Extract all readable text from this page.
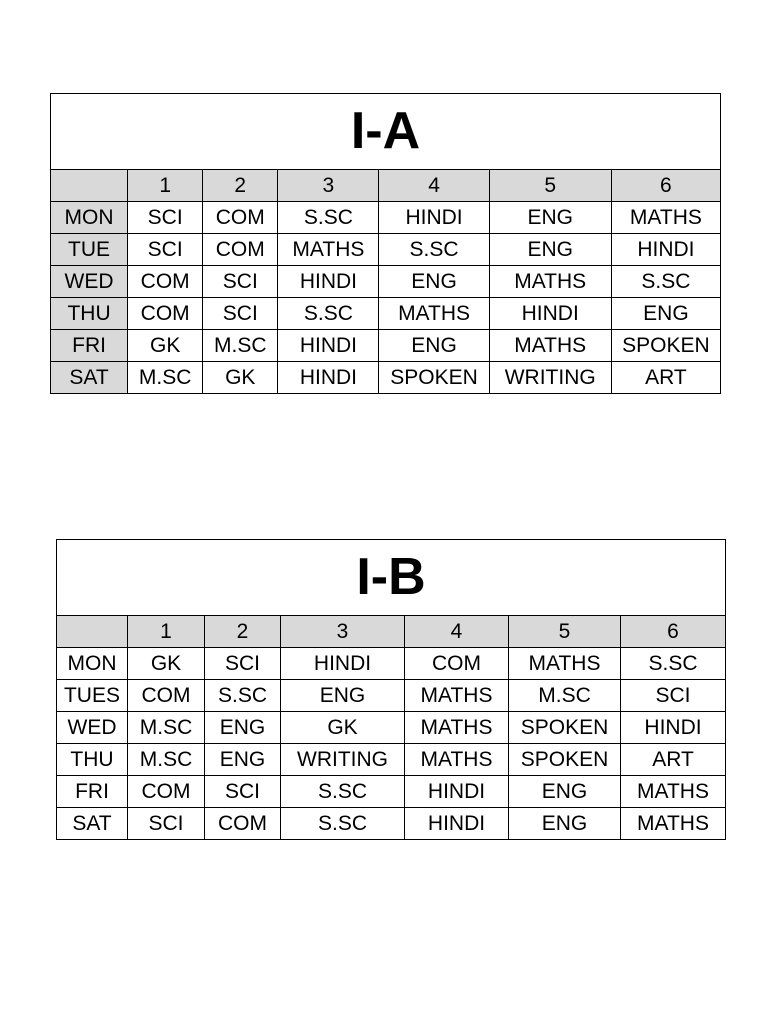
I-A						
	1	2	3	4	5	6
MON	SCI	COM	S.SC	HINDI	ENG	MATHS
TUE	SCI	COM	MATHS	S.SC	ENG	HINDI
WED	COM	SCI	HINDI	ENG	MATHS	S.SC
THU	COM	SCI	S.SC	MATHS	HINDI	ENG
FRI	GK	M.SC	HINDI	ENG	MATHS	SPOKEN
SAT	M.SC	GK	HINDI	SPOKEN	WRITING	ART
I-B						
	1	2	3	4	5	6
MON	GK	SCI	HINDI	COM	MATHS	S.SC
TUES	COM	S.SC	ENG	MATHS	M.SC	SCI
WED	M.SC	ENG	GK	MATHS	SPOKEN	HINDI
THU	M.SC	ENG	WRITING	MATHS	SPOKEN	ART
FRI	COM	SCI	S.SC	HINDI	ENG	MATHS
SAT	SCI	COM	S.SC	HINDI	ENG	MATHS
